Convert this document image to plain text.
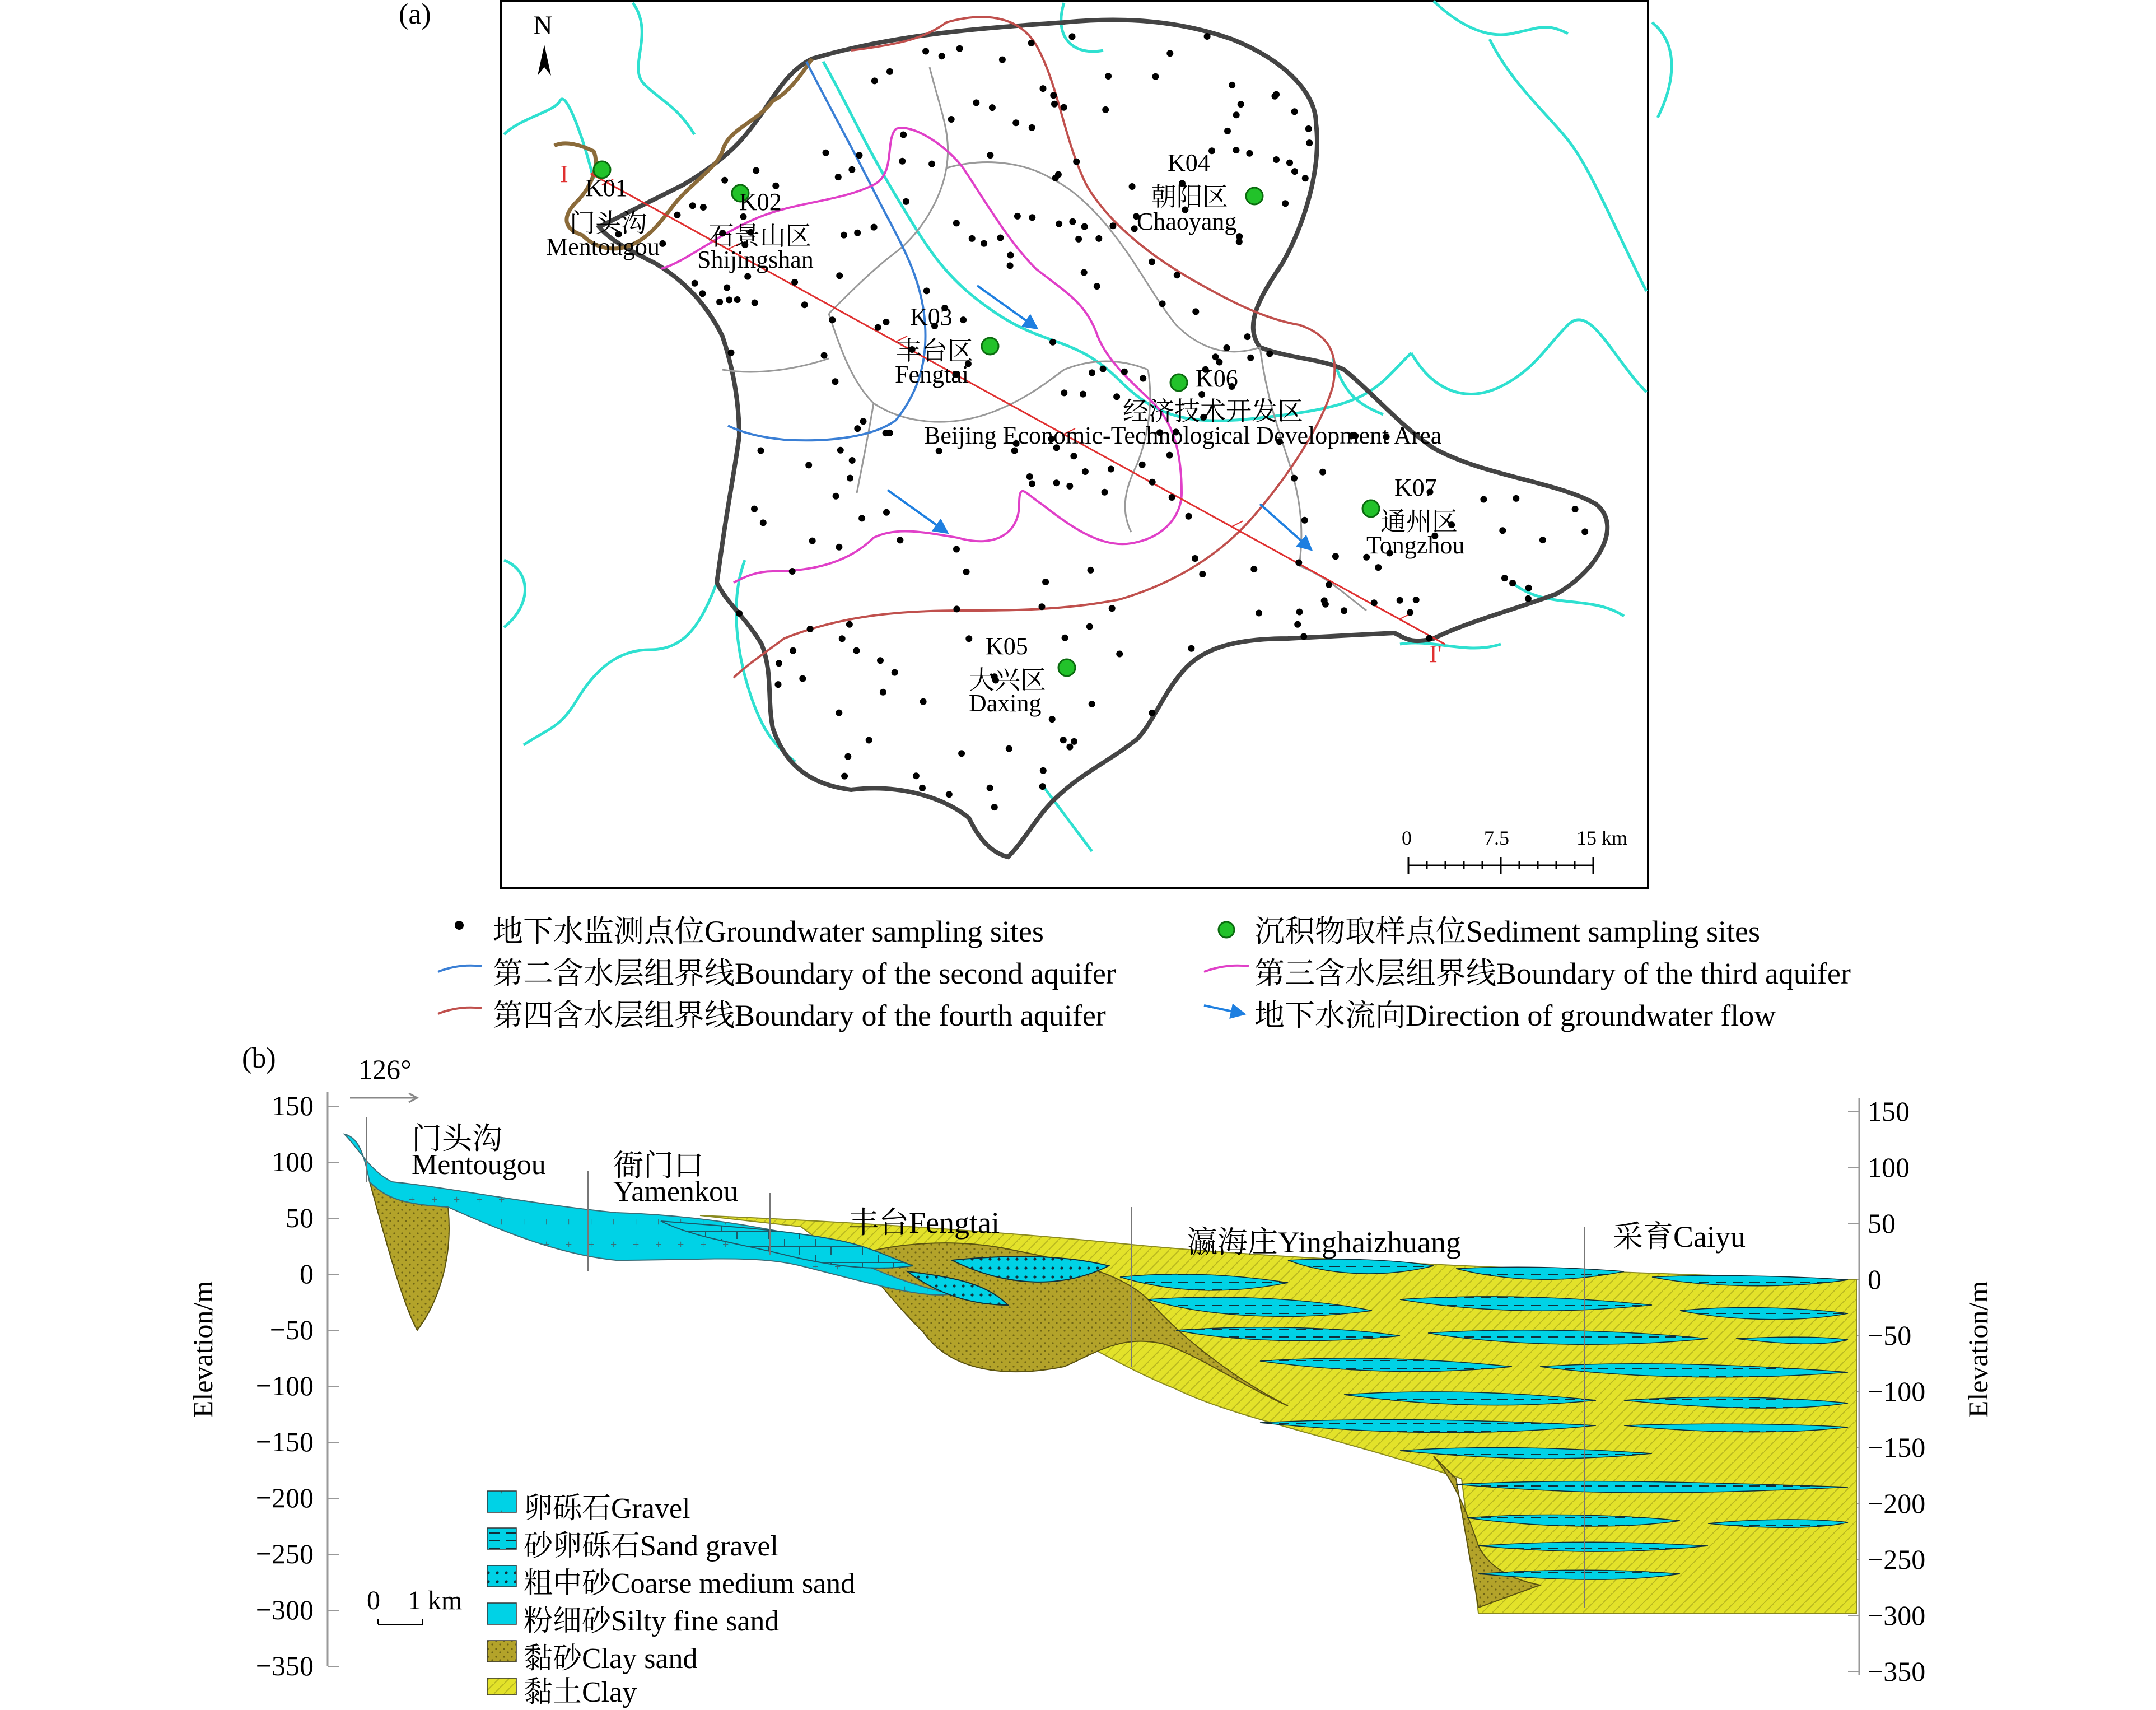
(a)	N
I
I'
K01
门头沟
Mentougou
K02
石景山区
Shijingshan
K03
丰台区
Fengtai
K04
朝阳区
Chaoyang
K05
大兴区
Daxing
K06
经济技术开发区
Beijing Economic-Technological Development Area
K07
通州区
Tongzhou
0	7.5	15 km
地下水监测点位Groundwater sampling sites	沉积物取样点位Sediment sampling sites
第二含水层组界线Boundary of the second aquifer	第三含水层组界线Boundary of the third aquifer
第四含水层组界线Boundary of the fourth aquifer	地下水流向Direction of groundwater flow
(b)	126°
Elevation/m	Elevation/m
150
100
50
0
−50
−100
−150
−200
−250
−300
−350
150
100
50
0
−50
−100
−150
−200
−250
−300
−350
门头沟
Mentougou 衙门口
Yamenkou
丰台Fengtai
瀛海庄Yinghaizhuang	采育Caiyu
0 1 km
卵砾石Gravel
砂卵砾石Sand gravel
粗中砂Coarse medium sand
粉细砂Silty fine sand
黏砂Clay sand
黏土Clay
